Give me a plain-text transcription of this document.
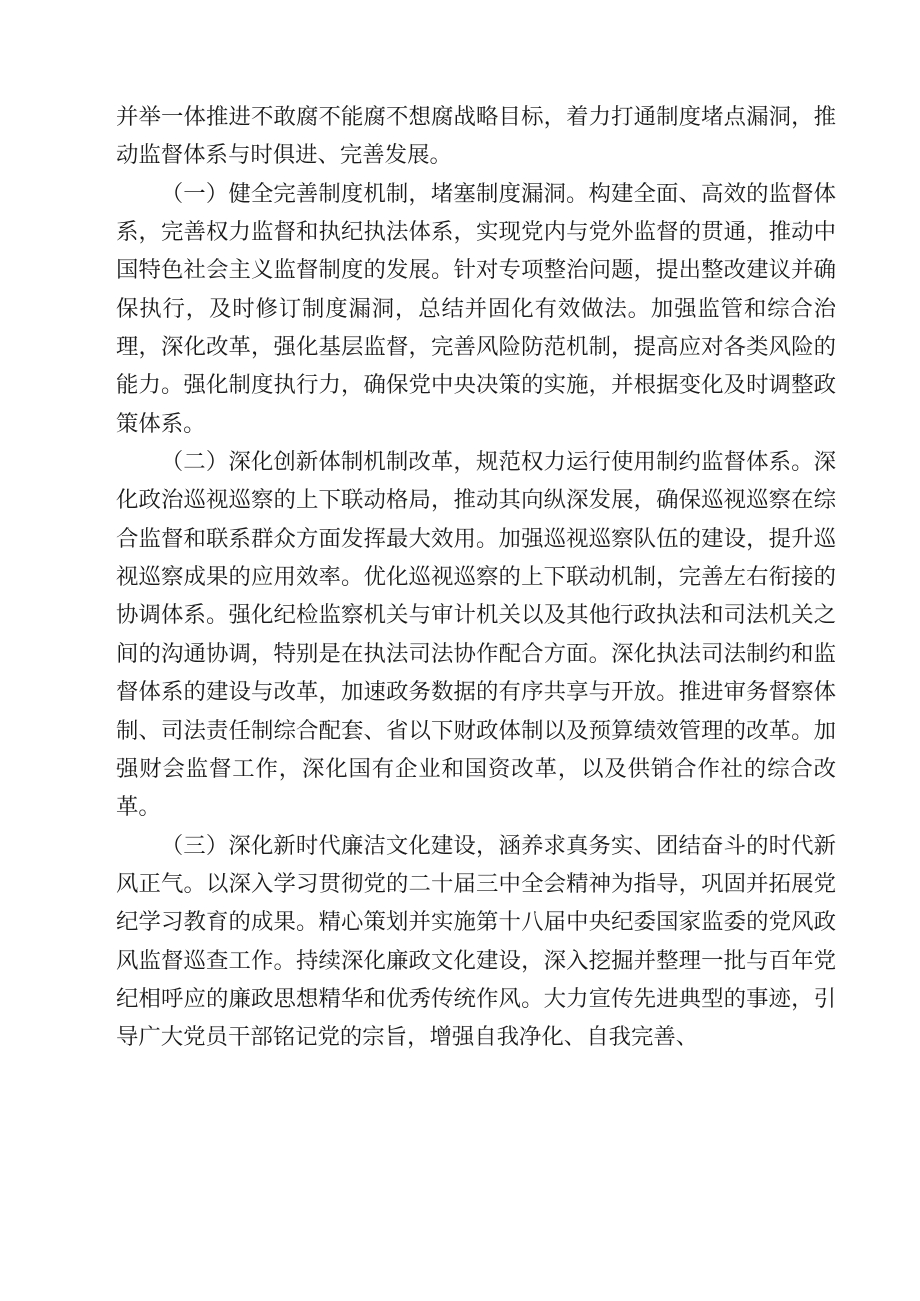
并举一体推进不敢腐不能腐不想腐战略目标，着力打通制度堵点漏洞，推动监督体系与时俱进、完善发展。

（一）健全完善制度机制，堵塞制度漏洞。构建全面、高效的监督体系，完善权力监督和执纪执法体系，实现党内与党外监督的贯通，推动中国特色社会主义监督制度的发展。针对专项整治问题，提出整改建议并确保执行，及时修订制度漏洞，总结并固化有效做法。加强监管和综合治理，深化改革，强化基层监督，完善风险防范机制，提高应对各类风险的能力。强化制度执行力，确保党中央决策的实施，并根据变化及时调整政策体系。

（二）深化创新体制机制改革，规范权力运行使用制约监督体系。深化政治巡视巡察的上下联动格局，推动其向纵深发展，确保巡视巡察在综合监督和联系群众方面发挥最大效用。加强巡视巡察队伍的建设，提升巡视巡察成果的应用效率。优化巡视巡察的上下联动机制，完善左右衔接的协调体系。强化纪检监察机关与审计机关以及其他行政执法和司法机关之间的沟通协调，特别是在执法司法协作配合方面。深化执法司法制约和监督体系的建设与改革，加速政务数据的有序共享与开放。推进审务督察体制、司法责任制综合配套、省以下财政体制以及预算绩效管理的改革。加强财会监督工作，深化国有企业和国资改革，以及供销合作社的综合改革。

（三）深化新时代廉洁文化建设，涵养求真务实、团结奋斗的时代新风正气。以深入学习贯彻党的二十届三中全会精神为指导，巩固并拓展党纪学习教育的成果。精心策划并实施第十八届中央纪委国家监委的党风政风监督巡查工作。持续深化廉政文化建设，深入挖掘并整理一批与百年党纪相呼应的廉政思想精华和优秀传统作风。大力宣传先进典型的事迹，引导广大党员干部铭记党的宗旨，增强自我净化、自我完善、
